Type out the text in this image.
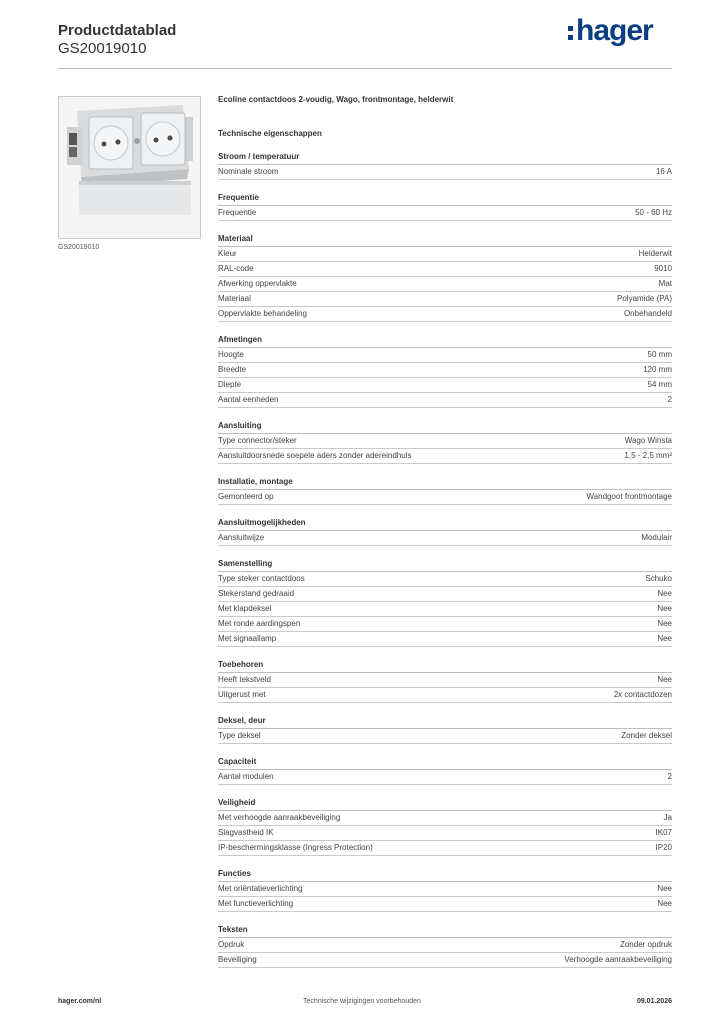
Productdatablad
GS20019010
hager
GS20019010
Ecoline contactdoos 2-voudig, Wago, frontmontage, helderwit
Technische eigenschappen
Stroom / temperatuur
Nominale stroom	16 A
Frequentie
Frequentie	50 - 60 Hz
Materiaal
Kleur	Helderwit
RAL-code	9010
Afwerking oppervlakte	Mat
Materiaal	Polyamide (PA)
Oppervlakte behandeling	Onbehandeld
Afmetingen
Hoogte	50 mm
Breedte	120 mm
Diepte	54 mm
Aantal eenheden	2
Aansluiting
Type connector/steker	Wago Winsta
Aansluitdoorsnede soepele aders zonder adereindhuls	1,5 - 2,5 mm²
Installatie, montage
Gemonteerd op	Wandgoot frontmontage
Aansluitmogelijkheden
Aansluitwijze	Modulair
Samenstelling
Type steker contactdoos	Schuko
Stekerstand gedraaid	Nee
Met klapdeksel	Nee
Met ronde aardingspen	Nee
Met signaallamp	Nee
Toebehoren
Heeft tekstveld	Nee
Uitgerust met	2x contactdozen
Deksel, deur
Type deksel	Zonder deksel
Capaciteit
Aantal modulen	2
Veiligheid
Met verhoogde aanraakbeveiliging	Ja
Slagvastheid IK	IK07
IP-beschermingsklasse (Ingress Protection)	IP20
Functies
Met oriëntatieverlichting	Nee
Met functieverlichting	Nee
Teksten
Opdruk	Zonder opdruk
Beveiliging	Verhoogde aanraakbeveiliging
hager.com/nl	Technische wijzigingen voorbehouden	09.01.2026
